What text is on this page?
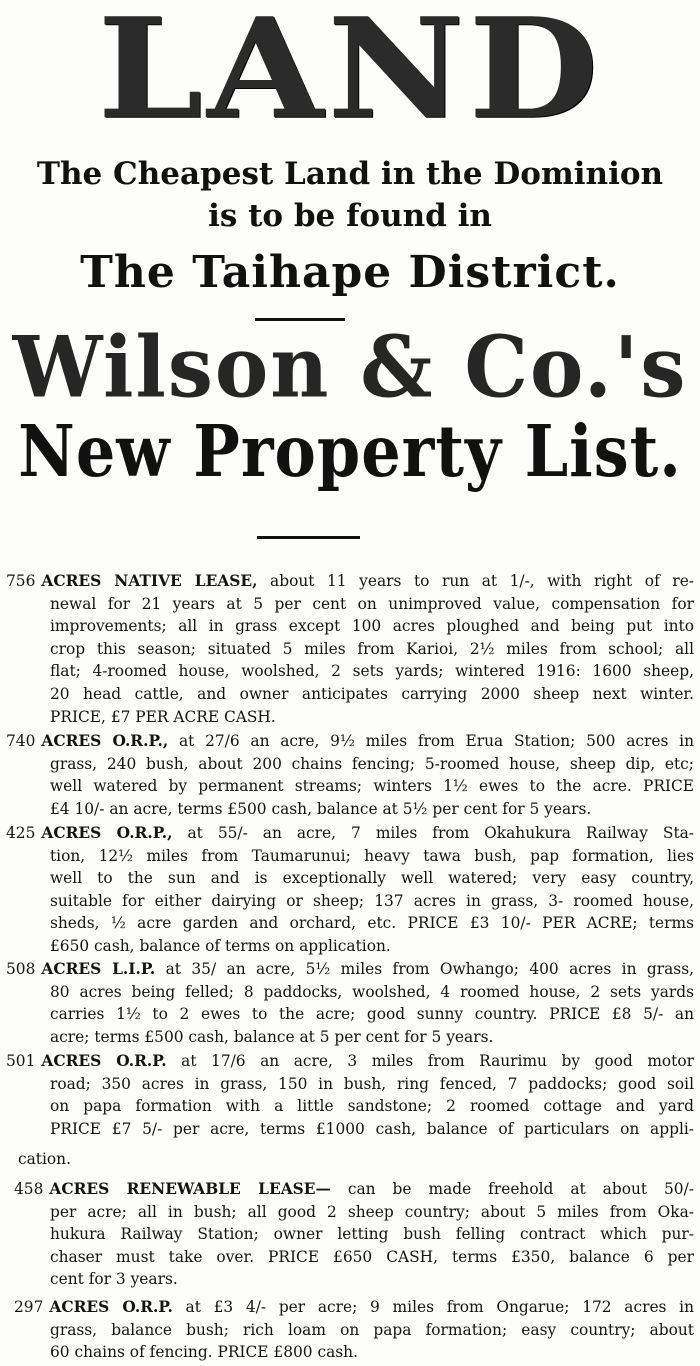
LAND
The Cheapest Land in the Dominion
is to be found in
The Taihape District.
Wilson & Co.'s
New Property List.
756 ACRES NATIVE LEASE, about 11 years to run at 1/-, with right of re-
newal for 21 years at 5 per cent on unimproved value, compensation for
improvements; all in grass except 100 acres ploughed and being put into
crop this season; situated 5 miles from Karioi, 2½ miles from school; all
flat; 4-roomed house, woolshed, 2 sets yards; wintered 1916: 1600 sheep,
20 head cattle, and owner anticipates carrying 2000 sheep next winter.
PRICE, £7 PER ACRE CASH.
740 ACRES O.R.P., at 27/6 an acre, 9½ miles from Erua Station; 500 acres in
grass, 240 bush, about 200 chains fencing; 5-roomed house, sheep dip, etc;
well watered by permanent streams; winters 1½ ewes to the acre. PRICE
£4 10/- an acre, terms £500 cash, balance at 5½ per cent for 5 years.
425 ACRES O.R.P., at 55/- an acre, 7 miles from Okahukura Railway Sta-
tion, 12½ miles from Taumarunui; heavy tawa bush, pap formation, lies
well to the sun and is exceptionally well watered; very easy country,
suitable for either dairying or sheep; 137 acres in grass, 3- roomed house,
sheds, ½ acre garden and orchard, etc. PRICE £3 10/- PER ACRE; terms
£650 cash, balance of terms on application.
508 ACRES L.I.P. at 35/ an acre, 5½ miles from Owhango; 400 acres in grass,
80 acres being felled; 8 paddocks, woolshed, 4 roomed house, 2 sets yards
carries 1½ to 2 ewes to the acre; good sunny country. PRICE £8 5/- an
acre; terms £500 cash, balance at 5 per cent for 5 years.
501 ACRES O.R.P. at 17/6 an acre, 3 miles from Raurimu by good motor
road; 350 acres in grass, 150 in bush, ring fenced, 7 paddocks; good soil
on papa formation with a little sandstone; 2 roomed cottage and yard
PRICE £7 5/- per acre, terms £1000 cash, balance of particulars on appli-
cation.
458 ACRES RENEWABLE LEASE— can be made freehold at about 50/-
per acre; all in bush; all good 2 sheep country; about 5 miles from Oka-
hukura Railway Station; owner letting bush felling contract which pur-
chaser must take over. PRICE £650 CASH, terms £350, balance 6 per
cent for 3 years.
297 ACRES O.R.P. at £3 4/- per acre; 9 miles from Ongarue; 172 acres in
grass, balance bush; rich loam on papa formation; easy country; about
60 chains of fencing. PRICE £800 cash.
